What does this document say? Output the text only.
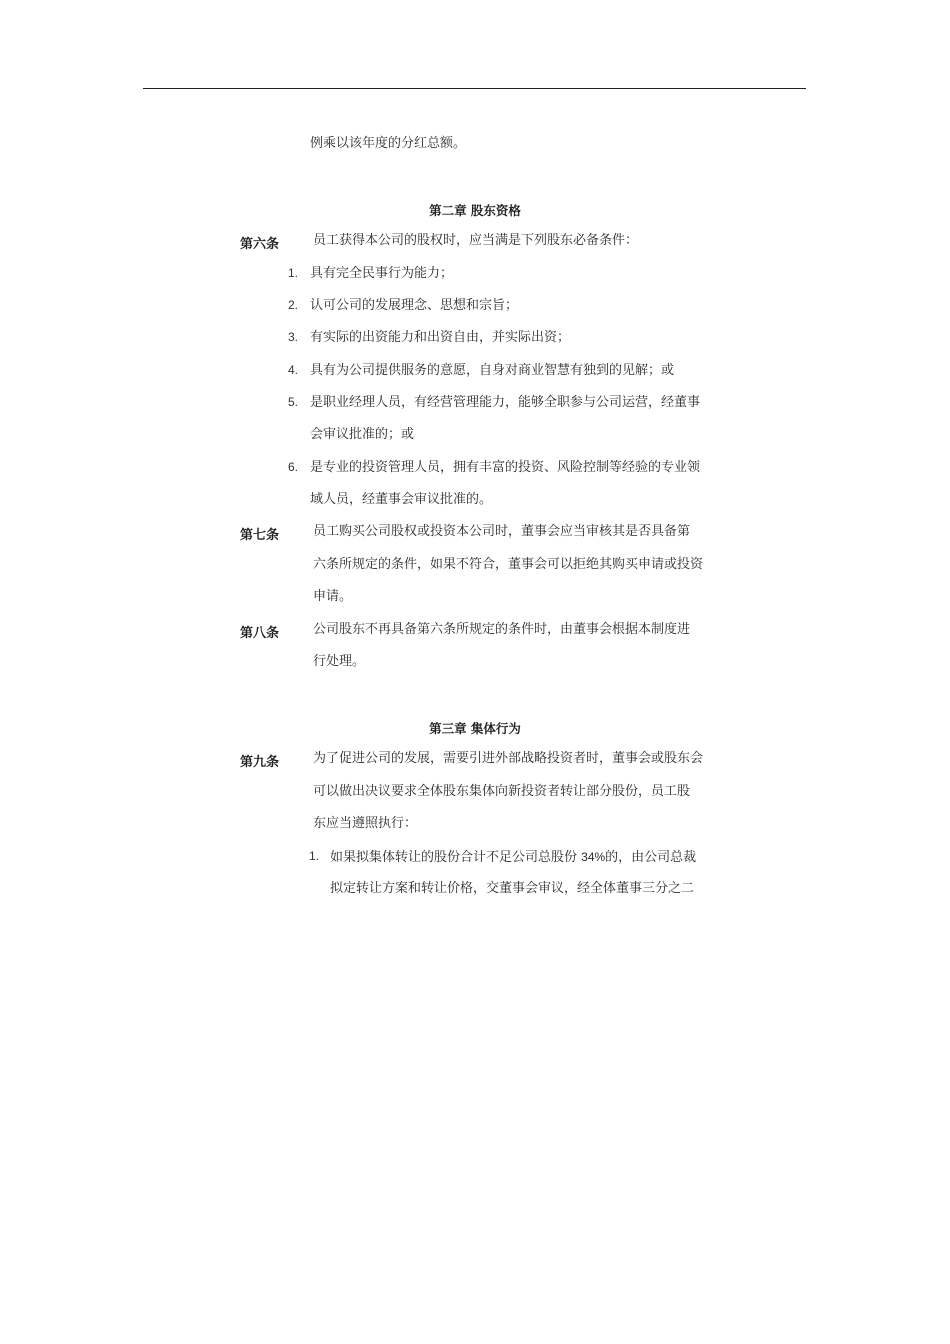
例乘以该年度的分红总额。
第二章 股东资格
第六条	员工获得本公司的股权时，应当满是下列股东必备条件：
1. 具有完全民事行为能力；
2. 认可公司的发展理念、思想和宗旨；
3. 有实际的出资能力和出资自由，并实际出资；
4. 具有为公司提供服务的意愿，自身对商业智慧有独到的见解；或
5. 是职业经理人员，有经营管理能力，能够全职参与公司运营，经董事
会审议批准的；或
6. 是专业的投资管理人员，拥有丰富的投资、风险控制等经验的专业领
域人员，经董事会审议批准的。
第七条	员工购买公司股权或投资本公司时，董事会应当审核其是否具备第
六条所规定的条件，如果不符合，董事会可以拒绝其购买申请或投资
申请。
第八条	公司股东不再具备第六条所规定的条件时，由董事会根据本制度进
行处理。
第三章 集体行为
第九条	为了促进公司的发展，需要引进外部战略投资者时，董事会或股东会
可以做出决议要求全体股东集体向新投资者转让部分股份，员工股
东应当遵照执行：
1. 如果拟集体转让的股份合计不足公司总股份 34%的，由公司总裁
拟定转让方案和转让价格，交董事会审议，经全体董事三分之二
